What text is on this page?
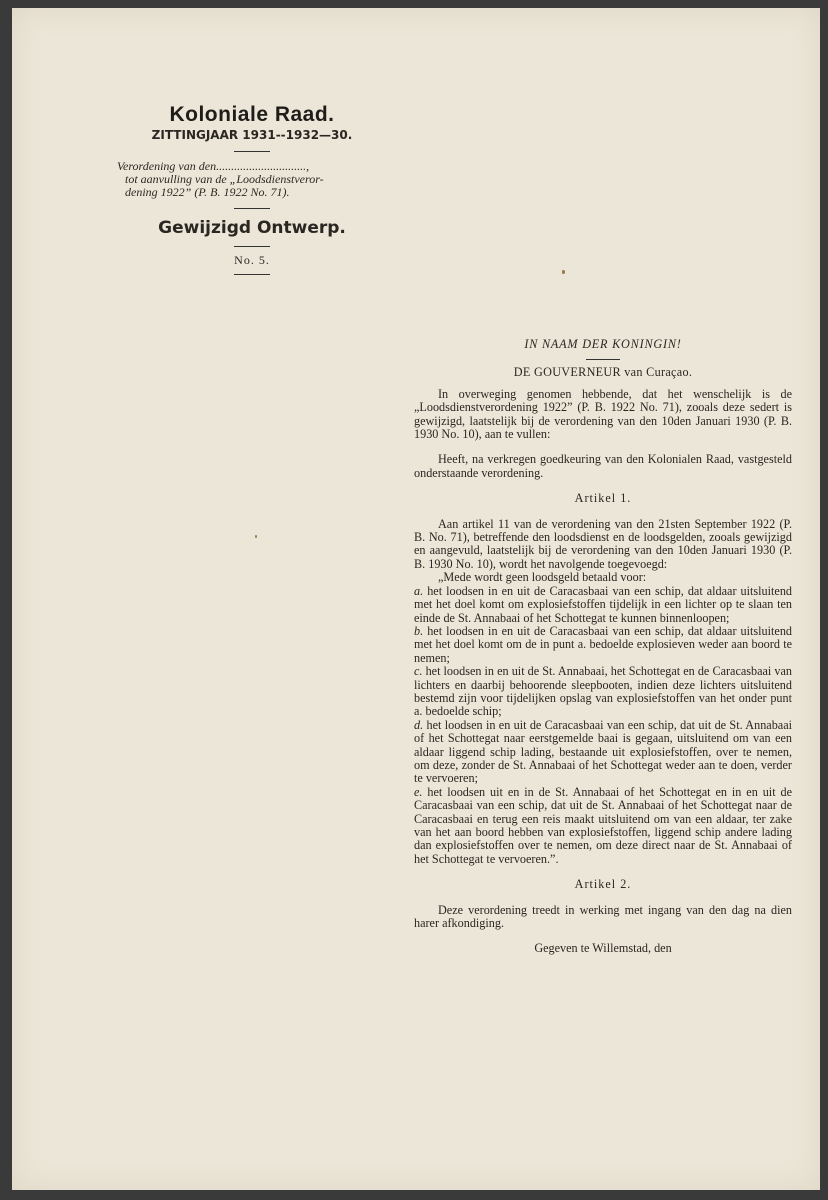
Koloniale Raad.
ZITTINGJAAR 1931--1932—30.
Verordening van den..............................,
tot aanvulling van de „Loodsdienstveror-
dening 1922” (P. B. 1922 No. 71).
Gewijzigd Ontwerp.
No. 5.
IN NAAM DER KONINGIN!
DE GOUVERNEUR van Curaçao.

In overweging genomen hebbende, dat het wenschelijk is de „Loodsdienstverordening 1922” (P. B. 1922 No. 71), zooals deze sedert is gewijzigd, laatstelijk bij de verordening van den 10den Januari 1930 (P. B. 1930 No. 10), aan te vullen:

Heeft, na verkregen goedkeuring van den Kolonialen Raad, vastgesteld onderstaande verordening.

Artikel 1.

Aan artikel 11 van de verordening van den 21sten September 1922 (P. B. No. 71), betreffende den loodsdienst en de loodsgelden, zooals gewijzigd en aangevuld, laatstelijk bij de verordening van den 10den Januari 1930 (P. B. 1930 No. 10), wordt het navolgende toegevoegd:

„Mede wordt geen loodsgeld betaald voor:

a. het loodsen in en uit de Caracasbaai van een schip, dat aldaar uitsluitend met het doel komt om explosiefstoffen tijdelijk in een lichter op te slaan ten einde de St. Annabaai of het Schottegat te kunnen binnenloopen;

b. het loodsen in en uit de Caracasbaai van een schip, dat aldaar uitsluitend met het doel komt om de in punt a. bedoelde explosieven weder aan boord te nemen;

c. het loodsen in en uit de St. Annabaai, het Schottegat en de Caracasbaai van lichters en daarbij behoorende sleepbooten, indien deze lichters uitsluitend bestemd zijn voor tijdelijken opslag van explosiefstoffen van het onder punt a. bedoelde schip;

d. het loodsen in en uit de Caracasbaai van een schip, dat uit de St. Annabaai of het Schottegat naar eerstgemelde baai is gegaan, uitsluitend om van een aldaar liggend schip lading, bestaande uit explosiefstoffen, over te nemen, om deze, zonder de St. Annabaai of het Schottegat weder aan te doen, verder te vervoeren;

e. het loodsen uit en in de St. Annabaai of het Schottegat en in en uit de Caracasbaai van een schip, dat uit de St. Annabaai of het Schottegat naar de Caracasbaai en terug een reis maakt uitsluitend om van een aldaar, ter zake van het aan boord hebben van explosiefstoffen, liggend schip andere lading dan explosiefstoffen over te nemen, om deze direct naar de St. Annabaai of het Schottegat te vervoeren.”.

Artikel 2.

Deze verordening treedt in werking met ingang van den dag na dien harer afkondiging.

Gegeven te Willemstad, den
